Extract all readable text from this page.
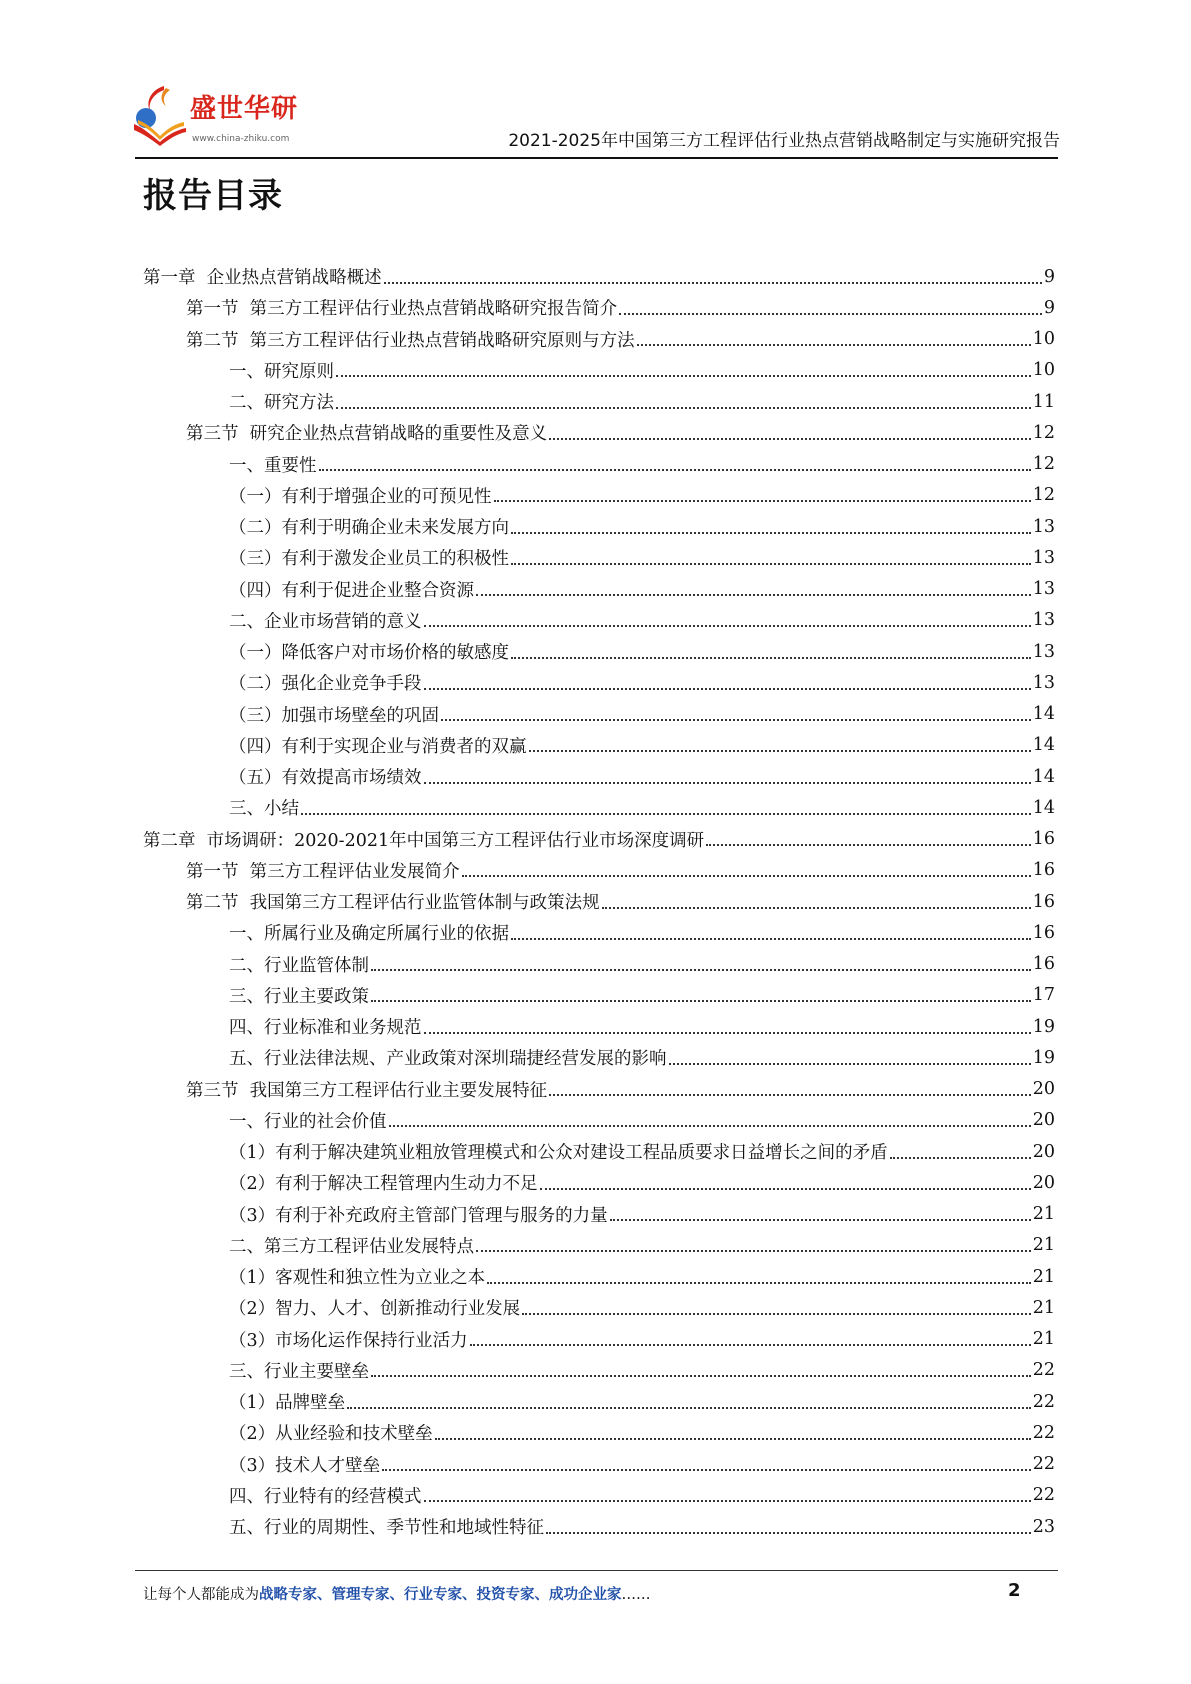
盛世华研
www.china-zhiku.com	2021-2025年中国第三方工程评估行业热点营销战略制定与实施研究报告
报告目录
第一章  企业热点营销战略概述	9
第一节  第三方工程评估行业热点营销战略研究报告简介	9
第二节  第三方工程评估行业热点营销战略研究原则与方法	10
一、研究原则	10
二、研究方法	11
第三节  研究企业热点营销战略的重要性及意义	12
一、重要性	12
（一）有利于增强企业的可预见性	12
（二）有利于明确企业未来发展方向	13
（三）有利于激发企业员工的积极性	13
（四）有利于促进企业整合资源	13
二、企业市场营销的意义	13
（一）降低客户对市场价格的敏感度	13
（二）强化企业竞争手段	13
（三）加强市场壁垒的巩固	14
（四）有利于实现企业与消费者的双赢	14
（五）有效提高市场绩效	14
三、小结	14
第二章  市场调研：2020-2021年中国第三方工程评估行业市场深度调研	16
第一节  第三方工程评估业发展简介	16
第二节  我国第三方工程评估行业监管体制与政策法规	16
一、所属行业及确定所属行业的依据	16
二、行业监管体制	16
三、行业主要政策	17
四、行业标准和业务规范	19
五、行业法律法规、产业政策对深圳瑞捷经营发展的影响	19
第三节  我国第三方工程评估行业主要发展特征	20
一、行业的社会价值	20
（1）有利于解决建筑业粗放管理模式和公众对建设工程品质要求日益增长之间的矛盾	20
（2）有利于解决工程管理内生动力不足	20
（3）有利于补充政府主管部门管理与服务的力量	21
二、第三方工程评估业发展特点	21
（1）客观性和独立性为立业之本	21
（2）智力、人才、创新推动行业发展	21
（3）市场化运作保持行业活力	21
三、行业主要壁垒	22
（1）品牌壁垒	22
（2）从业经验和技术壁垒	22
（3）技术人才壁垒	22
四、行业特有的经营模式	22
五、行业的周期性、季节性和地域性特征	23
让每个人都能成为战略专家、管理专家、行业专家、投资专家、成功企业家……	2
